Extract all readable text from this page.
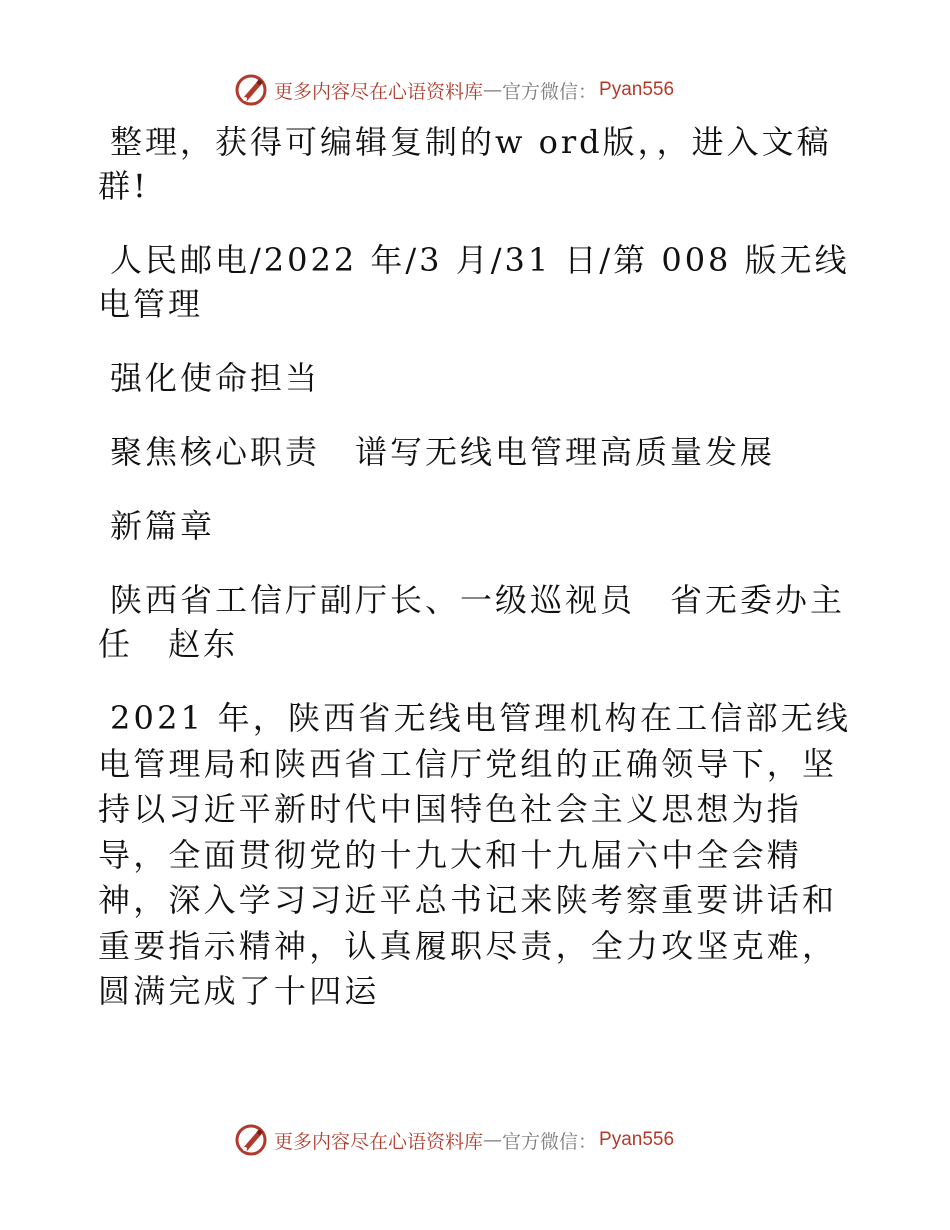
更多内容尽在心语资料库 — 官方微信： Pyan556

整理，获得可编辑复制的w ord版，，进入文稿群!

人民邮电/2022 年/3 月/31 日/第 008 版无线电管理

强化使命担当

聚焦核心职责　谱写无线电管理高质量发展

新篇章

陕西省工信厅副厅长、一级巡视员　省无委办主任　赵东

2021 年，陕西省无线电管理机构在工信部无线电管理局和陕西省工信厅党组的正确领导下，坚持以习近平新时代中国特色社会主义思想为指导，全面贯彻党的十九大和十九届六中全会精神，深入学习习近平总书记来陕考察重要讲话和重要指示精神，认真履职尽责，全力攻坚克难，圆满完成了十四运

更多内容尽在心语资料库 — 官方微信： Pyan556
